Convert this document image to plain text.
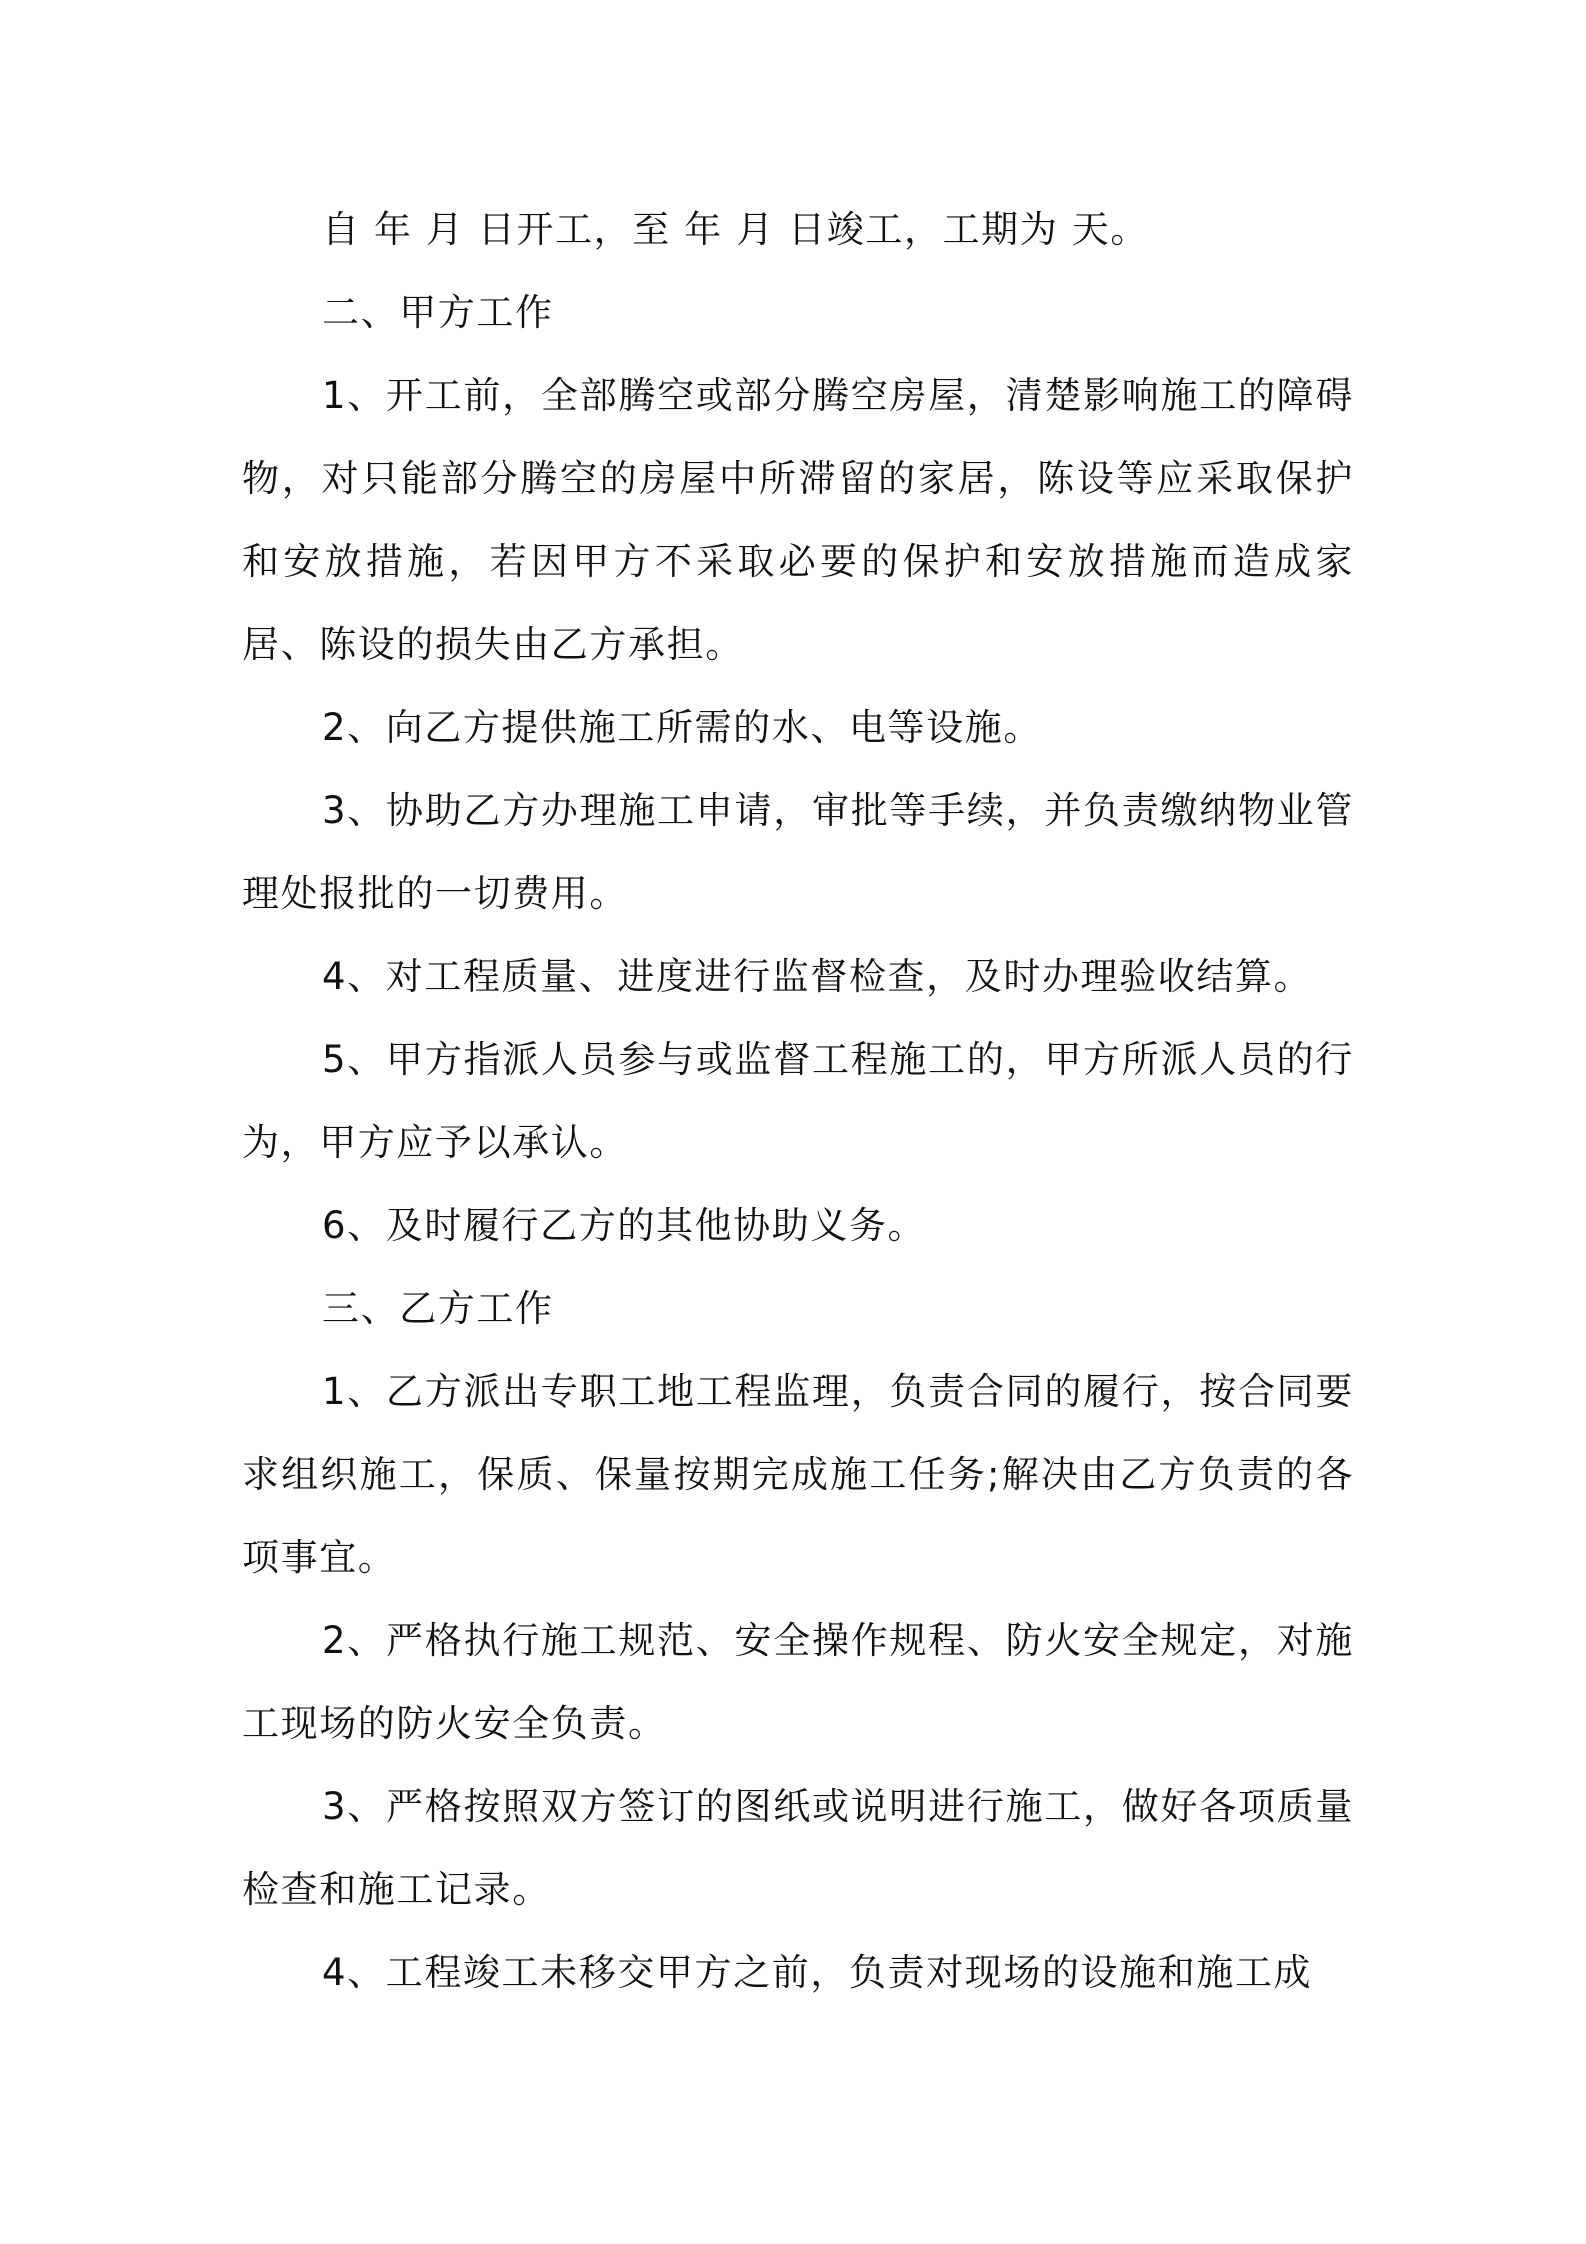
自 年 月 日开工，至 年 月 日竣工，工期为 天。

二、甲方工作

1、开工前，全部腾空或部分腾空房屋，清楚影响施工的障碍物，对只能部分腾空的房屋中所滞留的家居，陈设等应采取保护和安放措施，若因甲方不采取必要的保护和安放措施而造成家居、陈设的损失由乙方承担。

2、向乙方提供施工所需的水、电等设施。

3、协助乙方办理施工申请，审批等手续，并负责缴纳物业管理处报批的一切费用。

4、对工程质量、进度进行监督检查，及时办理验收结算。

5、甲方指派人员参与或监督工程施工的，甲方所派人员的行为，甲方应予以承认。

6、及时履行乙方的其他协助义务。

三、乙方工作

1、乙方派出专职工地工程监理，负责合同的履行，按合同要求组织施工，保质、保量按期完成施工任务;解决由乙方负责的各项事宜。

2、严格执行施工规范、安全操作规程、防火安全规定，对施工现场的防火安全负责。

3、严格按照双方签订的图纸或说明进行施工，做好各项质量检查和施工记录。

4、工程竣工未移交甲方之前，负责对现场的设施和施工成
